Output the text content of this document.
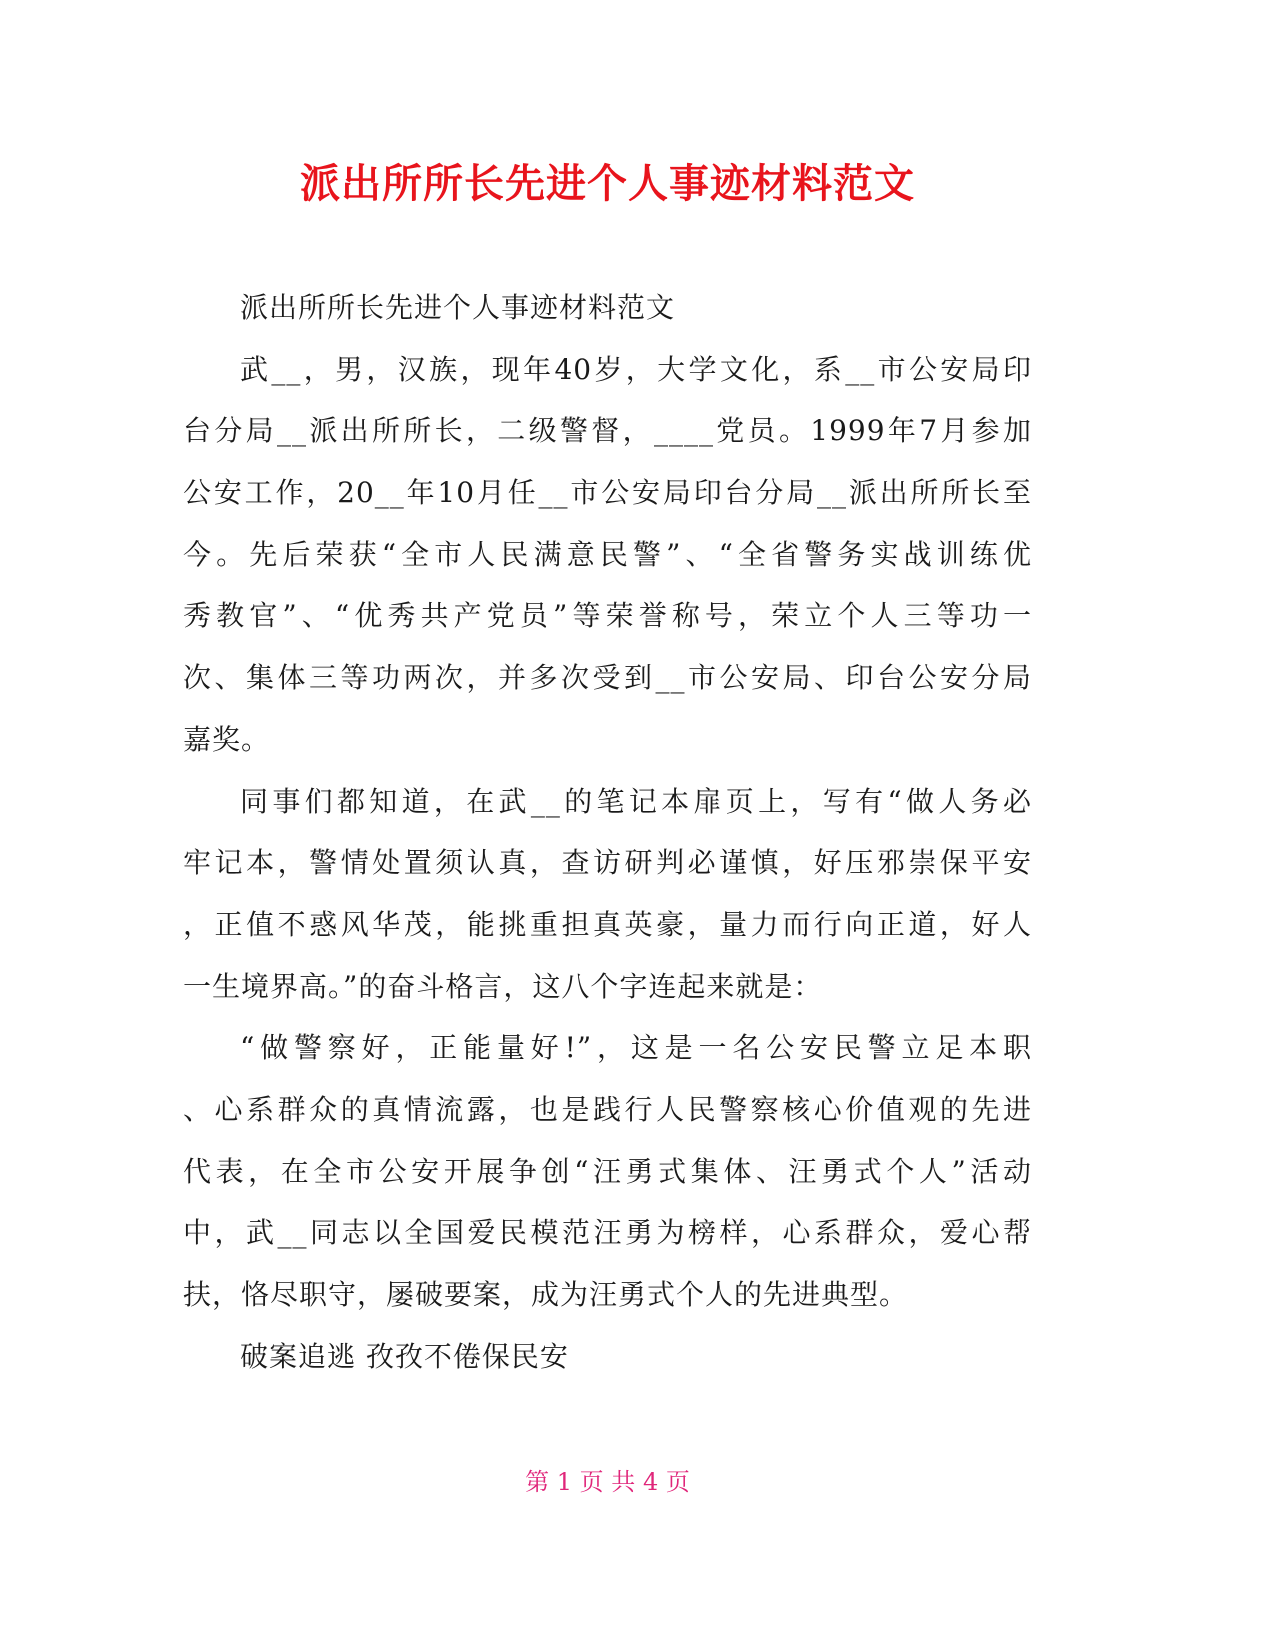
派出所所长先进个人事迹材料范文
派出所所长先进个人事迹材料范文
武__，男，汉族，现年40岁，大学文化，系__市公安局印
台分局__派出所所长，二级警督，____党员。1999年7月参加
公安工作，20__年10月任__市公安局印台分局__派出所所长至
今。先后荣获“全市人民满意民警”、“全省警务实战训练优
秀教官”、“优秀共产党员”等荣誉称号，荣立个人三等功一
次、集体三等功两次，并多次受到__市公安局、印台公安分局
嘉奖。
同事们都知道，在武__的笔记本扉页上，写有“做人务必
牢记本，警情处置须认真，查访研判必谨慎，好压邪崇保平安
，正值不惑风华茂，能挑重担真英豪，量力而行向正道，好人
一生境界高。”的奋斗格言，这八个字连起来就是：
“做警察好，正能量好!”，这是一名公安民警立足本职
、心系群众的真情流露，也是践行人民警察核心价值观的先进
代表，在全市公安开展争创“汪勇式集体、汪勇式个人”活动
中，武__同志以全国爱民模范汪勇为榜样，心系群众，爱心帮
扶，恪尽职守，屡破要案，成为汪勇式个人的先进典型。
破案追逃 孜孜不倦保民安
第 1 页 共 4 页
